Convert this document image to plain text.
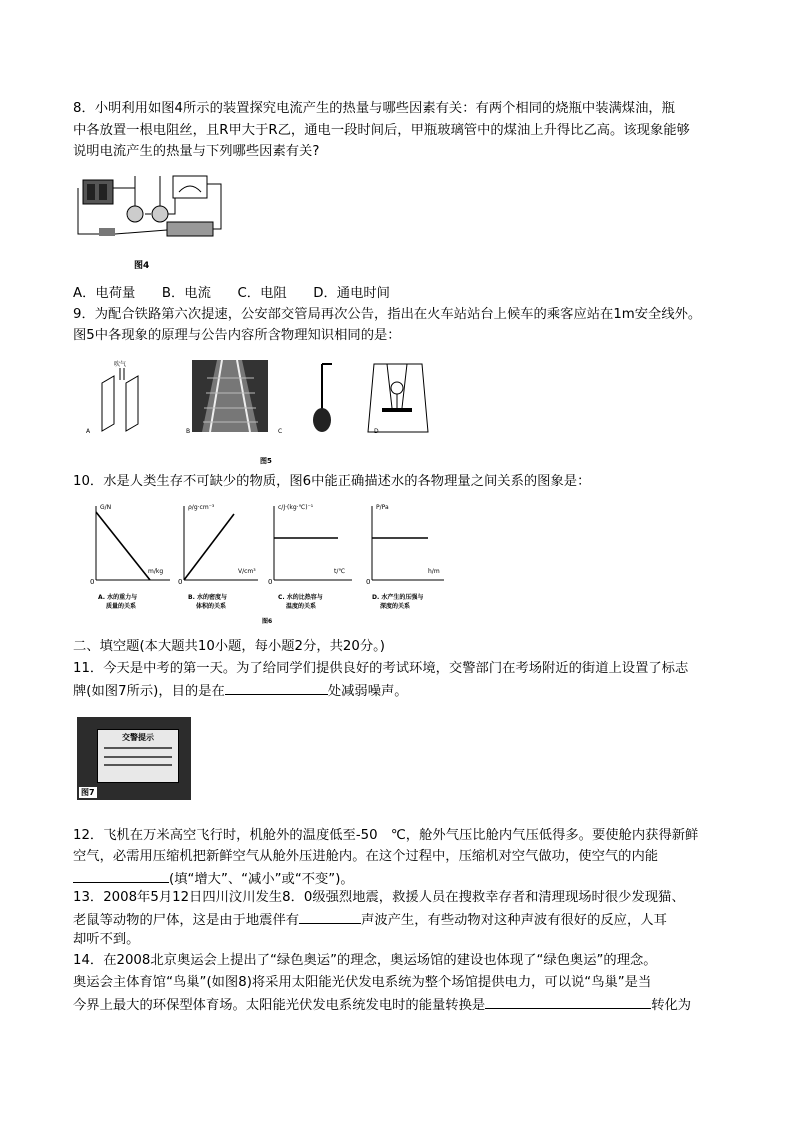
8．小明利用如图4所示的装置探究电流产生的热量与哪些因素有关：有两个相同的烧瓶中装满煤油，瓶
中各放置一根电阻丝，且R甲大于R乙，通电一段时间后，甲瓶玻璃管中的煤油上升得比乙高。该现象能够
说明电流产生的热量与下列哪些因素有关?
图4
A．电荷量　　B．电流　　C．电阻　　D．通电时间
9．为配合铁路第六次提速，公安部交管局再次公告，指出在火车站站台上候车的乘客应站在1m安全线外。
图5中各现象的原理与公告内容所含物理知识相同的是：
吹气
A	B	C	D
图5
10．水是人类生存不可缺少的物质，图6中能正确描述水的各物理量之间关系的图象是：
0	0	0	0
G/N
m/kg
ρ/g·cm⁻³
V/cm³
c/J·(kg·℃)⁻¹
t/℃
P/Pa
h/m
A. 水的重力与
质量的关系
B. 水的密度与
体积的关系
C. 水的比热容与
温度的关系
D. 水产生的压强与
深度的关系
图6
二、填空题(本大题共10小题，每小题2分，共20分。)
11．今天是中考的第一天。为了给同学们提供良好的考试环境，交警部门在考场附近的街道上设置了标志
牌(如图7所示)，目的是在	处减弱噪声。
交警提示
图7
12．飞机在万米高空飞行时，机舱外的温度低至-50　℃，舱外气压比舱内气压低得多。要使舱内获得新鲜
空气，必需用压缩机把新鲜空气从舱外压进舱内。在这个过程中，压缩机对空气做功，使空气的内能
(填“增大”、“减小”或“不变”)。
13．2008年5月12日四川汶川发生8．0级强烈地震，救援人员在搜救幸存者和清理现场时很少发现猫、
老鼠等动物的尸体，这是由于地震伴有	声波产生，有些动物对这种声波有很好的反应，人耳
却听不到。
14．在2008北京奥运会上提出了“绿色奥运”的理念，奥运场馆的建设也体现了“绿色奥运”的理念。
奥运会主体育馆“鸟巢”(如图8)将采用太阳能光伏发电系统为整个场馆提供电力，可以说“鸟巢”是当
今界上最大的环保型体育场。太阳能光伏发电系统发电时的能量转换是	转化为
